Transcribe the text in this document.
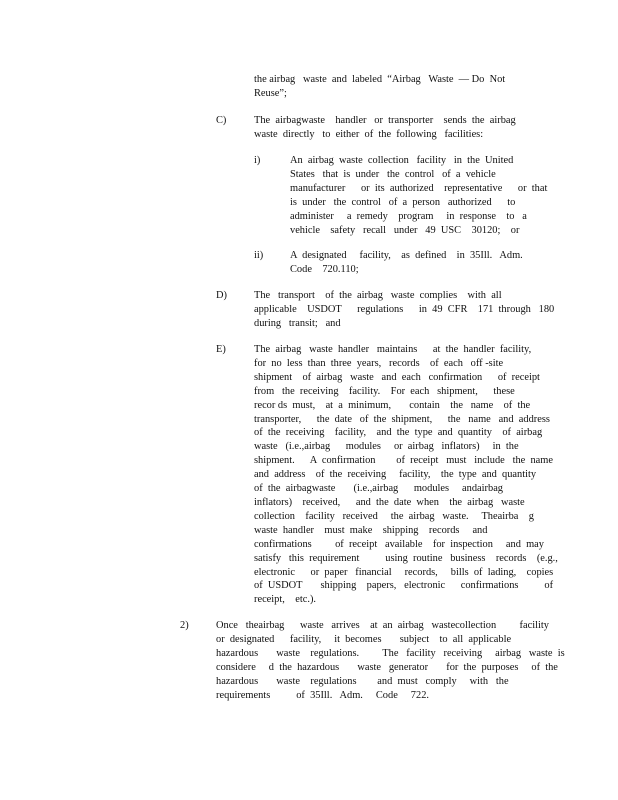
the airbag   waste  and  labeled  “Airbag   Waste  — Do  Not
Reuse”;
C)	The  airbagwaste    handler   or  transporter    sends  the  airbag
waste  directly   to  either  of  the  following   facilities:
i)	An  airbag  waste  collection   facility   in  the  United
States   that  is  under   the  control   of  a  vehicle
manufacturer      or  its  authorized    representative      or  that
is  under   the  control   of  a  person   authorized      to
administer     a  remedy    program     in  response    to   a
vehicle    safety   recall   under   49  USC    30120;    or
ii)	A  designated     facility,    as  defined    in  35Ill.   Adm.
Code    720.110;
D)	The   transport    of  the  airbag   waste  complies    with  all
applicable    USDOT      regulations      in  49  CFR    171  through   180
during   transit;   and
E)	The  airbag   waste  handler   maintains      at  the  handler  facility,
for  no  less  than  three  years,   records    of  each   off -site
shipment    of  airbag   waste   and  each   confirmation      of  receipt
from   the  receiving    facility.    For  each   shipment,      these
recor ds  must,    at  a  minimum,       contain    the   name    of  the
transporter,      the  date   of  the  shipment,      the   name   and  address
of  the  receiving    facility,    and  the  type  and  quantity    of  airbag
waste   (i.e.,airbag      modules     or  airbag   inflators)     in  the
shipment.      A  confirmation        of  receipt   must   include   the  name
and  address    of  the  receiving     facility,    the  type  and  quantity
of  the  airbagwaste       (i.e.,airbag      modules     andairbag
inflators)    received,      and  the  date  when    the  airbag   waste
collection    facility   received     the  airbag   waste.     Theairba    g
waste  handler    must  make    shipping    records     and
confirmations         of  receipt   available    for  inspection     and  may
satisfy   this  requirement          using  routine   business    records    (e.g.,
electronic      or  paper   financial     records,     bills  of  lading,    copies
of  USDOT       shipping    papers,   electronic      confirmations          of
receipt,    etc.).
2)	Once   theairbag      waste   arrives    at  an  airbag   wastecollection         facility
or  designated      facility,     it  becomes       subject    to  all  applicable
hazardous       waste    regulations.         The   facility   receiving     airbag   waste  is
considere     d  the  hazardous       waste   generator       for  the  purposes     of  the
hazardous       waste    regulations        and  must   comply     with   the
requirements          of  35Ill.   Adm.     Code     722.
